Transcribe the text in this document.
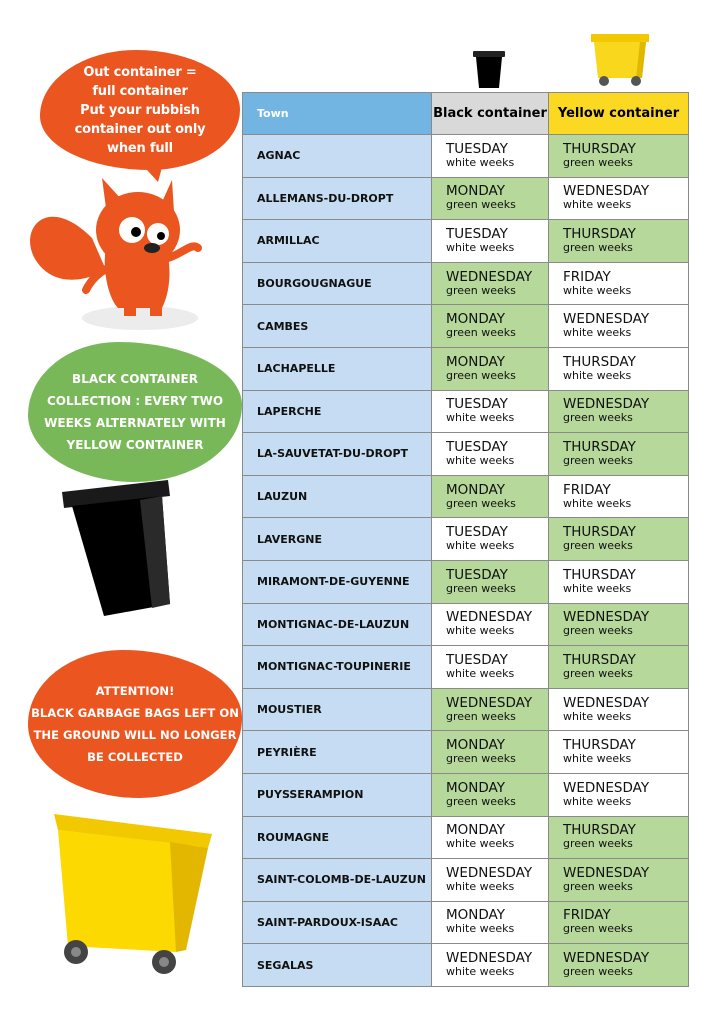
Out container =
full container
Put your rubbish
container out only
when full
BLACK CONTAINER
COLLECTION : EVERY TWO
WEEKS ALTERNATELY WITH
YELLOW CONTAINER
ATTENTION!
BLACK GARBAGE BAGS LEFT ON
THE GROUND WILL NO LONGER
BE COLLECTED
Town	Black container	Yellow container
AGNAC	TUESDAY
white weeks	THURSDAY
green weeks

ALLEMANS-DU-DROPT	MONDAY
green weeks	WEDNESDAY
white weeks

ARMILLAC	TUESDAY
white weeks	THURSDAY
green weeks

BOURGOUGNAGUE	WEDNESDAY
green weeks	FRIDAY
white weeks

CAMBES	MONDAY
green weeks	WEDNESDAY
white weeks

LACHAPELLE	MONDAY
green weeks	THURSDAY
white weeks

LAPERCHE	TUESDAY
white weeks	WEDNESDAY
green weeks

LA-SAUVETAT-DU-DROPT	TUESDAY
white weeks	THURSDAY
green weeks

LAUZUN	MONDAY
green weeks	FRIDAY
white weeks

LAVERGNE	TUESDAY
white weeks	THURSDAY
green weeks

MIRAMONT-DE-GUYENNE	TUESDAY
green weeks	THURSDAY
white weeks

MONTIGNAC-DE-LAUZUN	WEDNESDAY
white weeks	WEDNESDAY
green weeks

MONTIGNAC-TOUPINERIE	TUESDAY
white weeks	THURSDAY
green weeks

MOUSTIER	WEDNESDAY
green weeks	WEDNESDAY
white weeks

PEYRIÈRE	MONDAY
green weeks	THURSDAY
white weeks

PUYSSERAMPION	MONDAY
green weeks	WEDNESDAY
white weeks

ROUMAGNE	MONDAY
white weeks	THURSDAY
green weeks

SAINT-COLOMB-DE-LAUZUN	WEDNESDAY
white weeks	WEDNESDAY
green weeks

SAINT-PARDOUX-ISAAC	MONDAY
white weeks	FRIDAY
green weeks

SEGALAS	WEDNESDAY
white weeks	WEDNESDAY
green weeks
